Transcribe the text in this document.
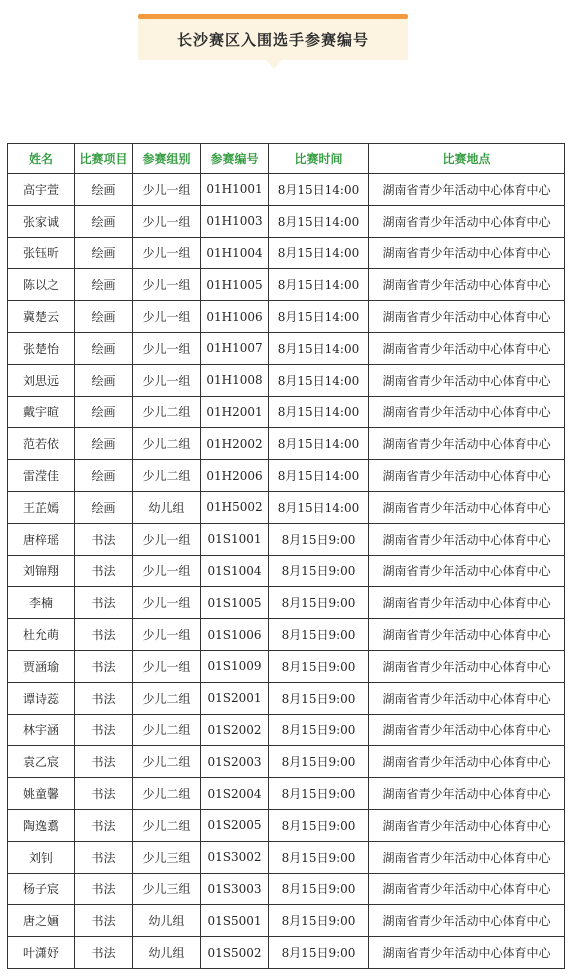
长沙赛区入围选手参赛编号
姓名	比赛项目	参赛组别	参赛编号	比赛时间	比赛地点
高宇萱	绘画	少儿一组	01H1001	8月15日14:00	湖南省青少年活动中心体育中心
张家诚	绘画	少儿一组	01H1003	8月15日14:00	湖南省青少年活动中心体育中心
张钰昕	绘画	少儿一组	01H1004	8月15日14:00	湖南省青少年活动中心体育中心
陈以之	绘画	少儿一组	01H1005	8月15日14:00	湖南省青少年活动中心体育中心
冀楚云	绘画	少儿一组	01H1006	8月15日14:00	湖南省青少年活动中心体育中心
张楚怡	绘画	少儿一组	01H1007	8月15日14:00	湖南省青少年活动中心体育中心
刘思远	绘画	少儿一组	01H1008	8月15日14:00	湖南省青少年活动中心体育中心
戴宇暄	绘画	少儿二组	01H2001	8月15日14:00	湖南省青少年活动中心体育中心
范若依	绘画	少儿二组	01H2002	8月15日14:00	湖南省青少年活动中心体育中心
雷滢佳	绘画	少儿二组	01H2006	8月15日14:00	湖南省青少年活动中心体育中心
王芷嫣	绘画	幼儿组	01H5002	8月15日14:00	湖南省青少年活动中心体育中心
唐梓瑶	书法	少儿一组	01S1001	8月15日9:00	湖南省青少年活动中心体育中心
刘锦翔	书法	少儿一组	01S1004	8月15日9:00	湖南省青少年活动中心体育中心
李楠	书法	少儿一组	01S1005	8月15日9:00	湖南省青少年活动中心体育中心
杜允萌	书法	少儿一组	01S1006	8月15日9:00	湖南省青少年活动中心体育中心
贾涵瑜	书法	少儿一组	01S1009	8月15日9:00	湖南省青少年活动中心体育中心
谭诗蕊	书法	少儿二组	01S2001	8月15日9:00	湖南省青少年活动中心体育中心
林宇涵	书法	少儿二组	01S2002	8月15日9:00	湖南省青少年活动中心体育中心
袁乙宸	书法	少儿二组	01S2003	8月15日9:00	湖南省青少年活动中心体育中心
姚童馨	书法	少儿二组	01S2004	8月15日9:00	湖南省青少年活动中心体育中心
陶逸翥	书法	少儿二组	01S2005	8月15日9:00	湖南省青少年活动中心体育中心
刘钊	书法	少儿三组	01S3002	8月15日9:00	湖南省青少年活动中心体育中心
杨子宸	书法	少儿三组	01S3003	8月15日9:00	湖南省青少年活动中心体育中心
唐之婳	书法	幼儿组	01S5001	8月15日9:00	湖南省青少年活动中心体育中心
叶潇妤	书法	幼儿组	01S5002	8月15日9:00	湖南省青少年活动中心体育中心
